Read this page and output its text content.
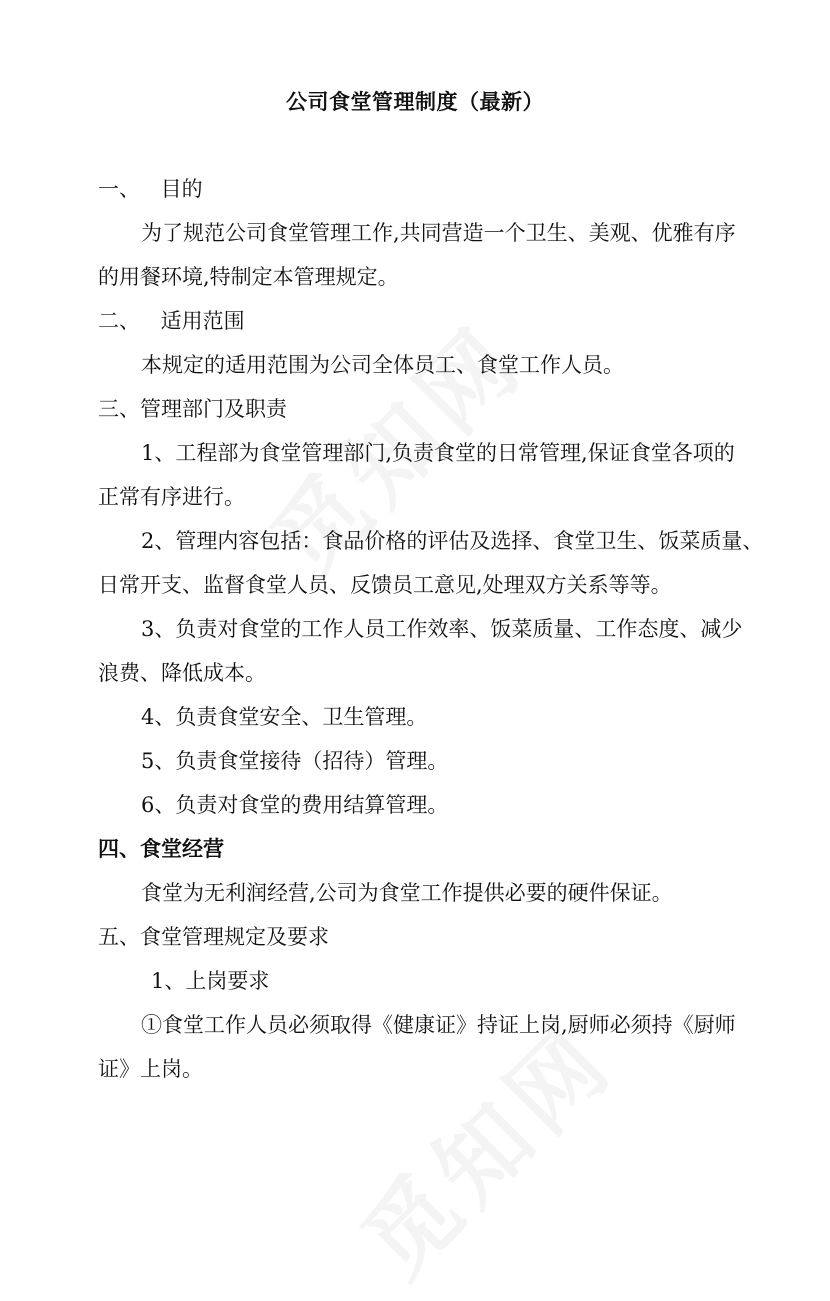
公司食堂管理制度（最新）
一、 目的
为了规范公司食堂管理工作,共同营造一个卫生、美观、优雅有序
的用餐环境,特制定本管理规定。
二、 适用范围
本规定的适用范围为公司全体员工、食堂工作人员。
三、管理部门及职责
1、工程部为食堂管理部门,负责食堂的日常管理,保证食堂各项的
正常有序进行。
2、管理内容包括：食品价格的评估及选择、食堂卫生、饭菜质量、
日常开支、监督食堂人员、反馈员工意见,处理双方关系等等。
3、负责对食堂的工作人员工作效率、饭菜质量、工作态度、减少
浪费、降低成本。
4、负责食堂安全、卫生管理。
5、负责食堂接待（招待）管理。
6、负责对食堂的费用结算管理。
四、食堂经营
食堂为无利润经营,公司为食堂工作提供必要的硬件保证。
五、食堂管理规定及要求
1、上岗要求
①食堂工作人员必须取得《健康证》持证上岗,厨师必须持《厨师
证》上岗。
